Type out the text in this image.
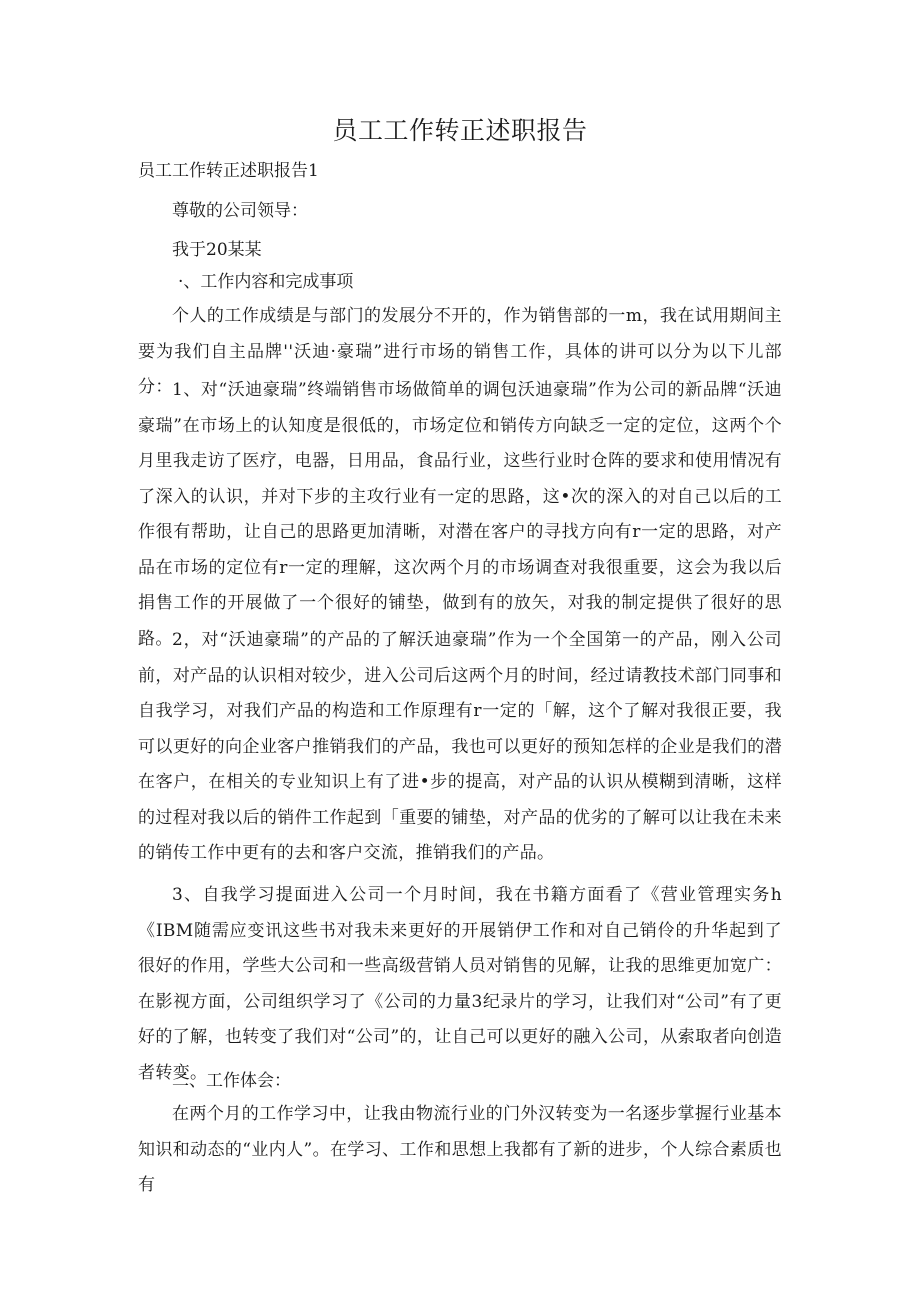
员工工作转正述职报告

员工工作转正述职报告1

尊敬的公司领导：

我于20某某

·、工作内容和完成事项

个人的工作成绩是与部门的发展分不开的，作为销售部的一m，我在试用期间主要为我们自主品牌''沃迪·豪瑞”进行市场的销售工作，具体的讲可以分为以下儿部分： 1、对“沃迪豪瑞”终端销售市场做简单的调包沃迪豪瑞”作为公司的新品牌“沃迪豪瑞”在市场上的认知度是很低的，市场定位和销传方向缺乏一定的定位，这两个个月里我走访了医疗，电器，日用品，食品行业，这些行业时仓阵的要求和使用情况有了深入的认识，并对下步的主攻行业有一定的思路，这•次的深入的对自己以后的工作很有帮助，让自己的思路更加清晰，对潜在客户的寻找方向有r一定的思路，对产品在市场的定位有r一定的理解，这次两个月的市场调查对我很重要，这会为我以后捐售工作的开展做了一个很好的铺垫，做到有的放矢，对我的制定提供了很好的思路。 2，对“沃迪豪瑞”的产品的了解沃迪豪瑞”作为一个全国第一的产品，刚入公司前，对产品的认识相对较少，进入公司后这两个月的时间，经过请教技术部门同事和自我学习，对我们产品的构造和工作原理有r一定的「解，这个了解对我很正要，我可以更好的向企业客户推销我们的产品，我也可以更好的预知怎样的企业是我们的潜在客户，在相关的专业知识上有了进•步的提高，对产品的认识从模糊到清晰，这样的过程对我以后的销件工作起到「重要的铺垫，对产品的优劣的了解可以让我在未来的销传工作中更有的去和客户交流，推销我们的产品。

3、自我学习提面进入公司一个月时间，我在书籍方面看了《营业管理实务h《IBM随需应变讯这些书对我未来更好的开展销伊工作和对自己销伶的升华起到了很好的作用，学些大公司和一些高级营销人员对销售的见解，让我的思维更加宽广：在影视方面，公司组织学习了《公司的力量3纪录片的学习，让我们对“公司”有了更好的了解，也转变了我们对“公司”的，让自己可以更好的融入公司，从索取者向创造者转变。

二、工作体会：

在两个月的工作学习中，让我由物流行业的门外汉转变为一名逐步掌握行业基本知识和动态的“业内人”。在学习、工作和思想上我都有了新的进步，个人综合素质也有
